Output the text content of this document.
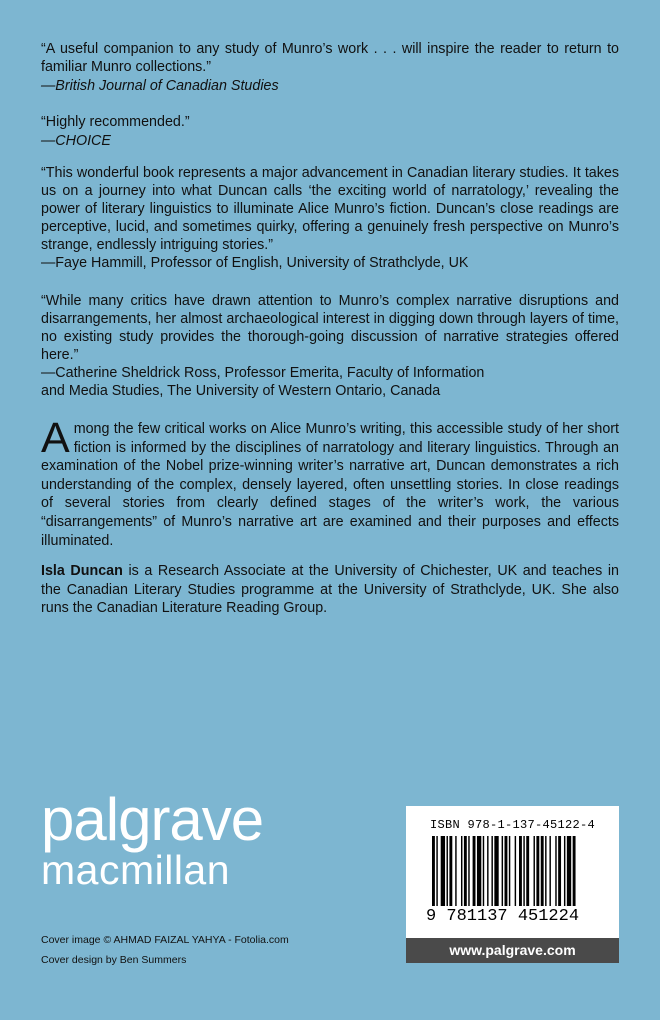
“A useful companion to any study of Munro’s work . . . will inspire the reader to return to familiar Munro collections.”

—British Journal of Canadian Studies

“Highly recommended.”

—CHOICE

“This wonderful book represents a major advancement in Canadian literary studies. It takes us on a journey into what Duncan calls ‘the exciting world of narratology,’ revealing the power of literary linguistics to illuminate Alice Munro’s fiction. Duncan’s close readings are perceptive, lucid, and sometimes quirky, offering a genuinely fresh perspective on Munro’s strange, endlessly intriguing stories.”

—Faye Hammill, Professor of English, University of Strathclyde, UK

“While many critics have drawn attention to Munro’s complex narrative disruptions and disarrangements, her almost archaeological interest in digging down through layers of time, no existing study provides the thorough-going discussion of narrative strategies offered here.”

—Catherine Sheldrick Ross, Professor Emerita, Faculty of Information

and Media Studies, The University of Western Ontario, Canada

Among the few critical works on Alice Munro’s writing, this accessible study of her short fiction is informed by the disciplines of narratology and literary linguistics. Through an examination of the Nobel prize-winning writer’s narrative art, Duncan demonstrates a rich understanding of the complex, densely layered, often unsettling stories. In close readings of several stories from clearly defined stages of the writer’s work, the various “disarrangements” of Munro’s narrative art are examined and their purposes and effects illuminated.
Isla Duncan is a Research Associate at the University of Chichester, UK and teaches in the Canadian Literary Studies programme at the University of Strathclyde, UK. She also runs the Canadian Literature Reading Group.
palgrave
macmillan
Cover image © AHMAD FAIZAL YAHYA - Fotolia.com
Cover design by Ben Summers
ISBN 978-1-137-45122-4
9 781137 451224
www.palgrave.com
